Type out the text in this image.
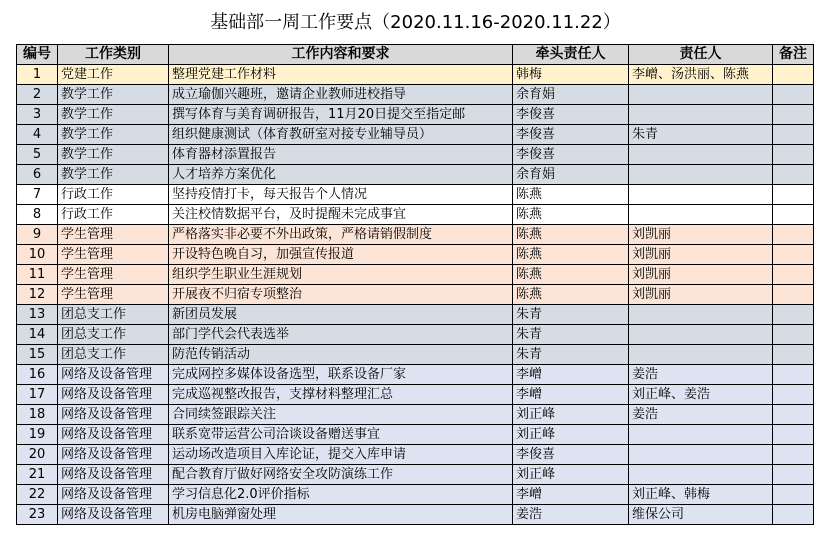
基础部一周工作要点（2020.11.16-2020.11.22）
编号	工作类别	工作内容和要求	牵头责任人	责任人	备注
1	党建工作	整理党建工作材料	韩梅	李嶒、汤洪丽、陈燕	
2	教学工作	成立瑜伽兴趣班，邀请企业教师进校指导	余育娟		
3	教学工作	撰写体育与美育调研报告，11月20日提交至指定邮	李俊喜		
4	教学工作	组织健康测试（体育教研室对接专业辅导员）	李俊喜	朱青	
5	教学工作	体育器材添置报告	李俊喜		
6	教学工作	人才培养方案优化	余育娟		
7	行政工作	坚持疫情打卡，每天报告个人情况	陈燕		
8	行政工作	关注校情数据平台，及时提醒未完成事宜	陈燕		
9	学生管理	严格落实非必要不外出政策，严格请销假制度	陈燕	刘凯丽	
10	学生管理	开设特色晚自习，加强宣传报道	陈燕	刘凯丽	
11	学生管理	组织学生职业生涯规划	陈燕	刘凯丽	
12	学生管理	开展夜不归宿专项整治	陈燕	刘凯丽	
13	团总支工作	新团员发展	朱青		
14	团总支工作	部门学代会代表选举	朱青		
15	团总支工作	防范传销活动	朱青		
16	网络及设备管理	完成网控多媒体设备选型，联系设备厂家	李嶒	姜浩	
17	网络及设备管理	完成巡视整改报告，支撑材料整理汇总	李嶒	刘正峰、姜浩	
18	网络及设备管理	合同续签跟踪关注	刘正峰	姜浩	
19	网络及设备管理	联系宽带运营公司洽谈设备赠送事宜	刘正峰		
20	网络及设备管理	运动场改造项目入库论证，提交入库申请	李俊喜		
21	网络及设备管理	配合教育厅做好网络安全攻防演练工作	刘正峰		
22	网络及设备管理	学习信息化2.0评价指标	李嶒	刘正峰、韩梅	
23	网络及设备管理	机房电脑弹窗处理	姜浩	维保公司	
